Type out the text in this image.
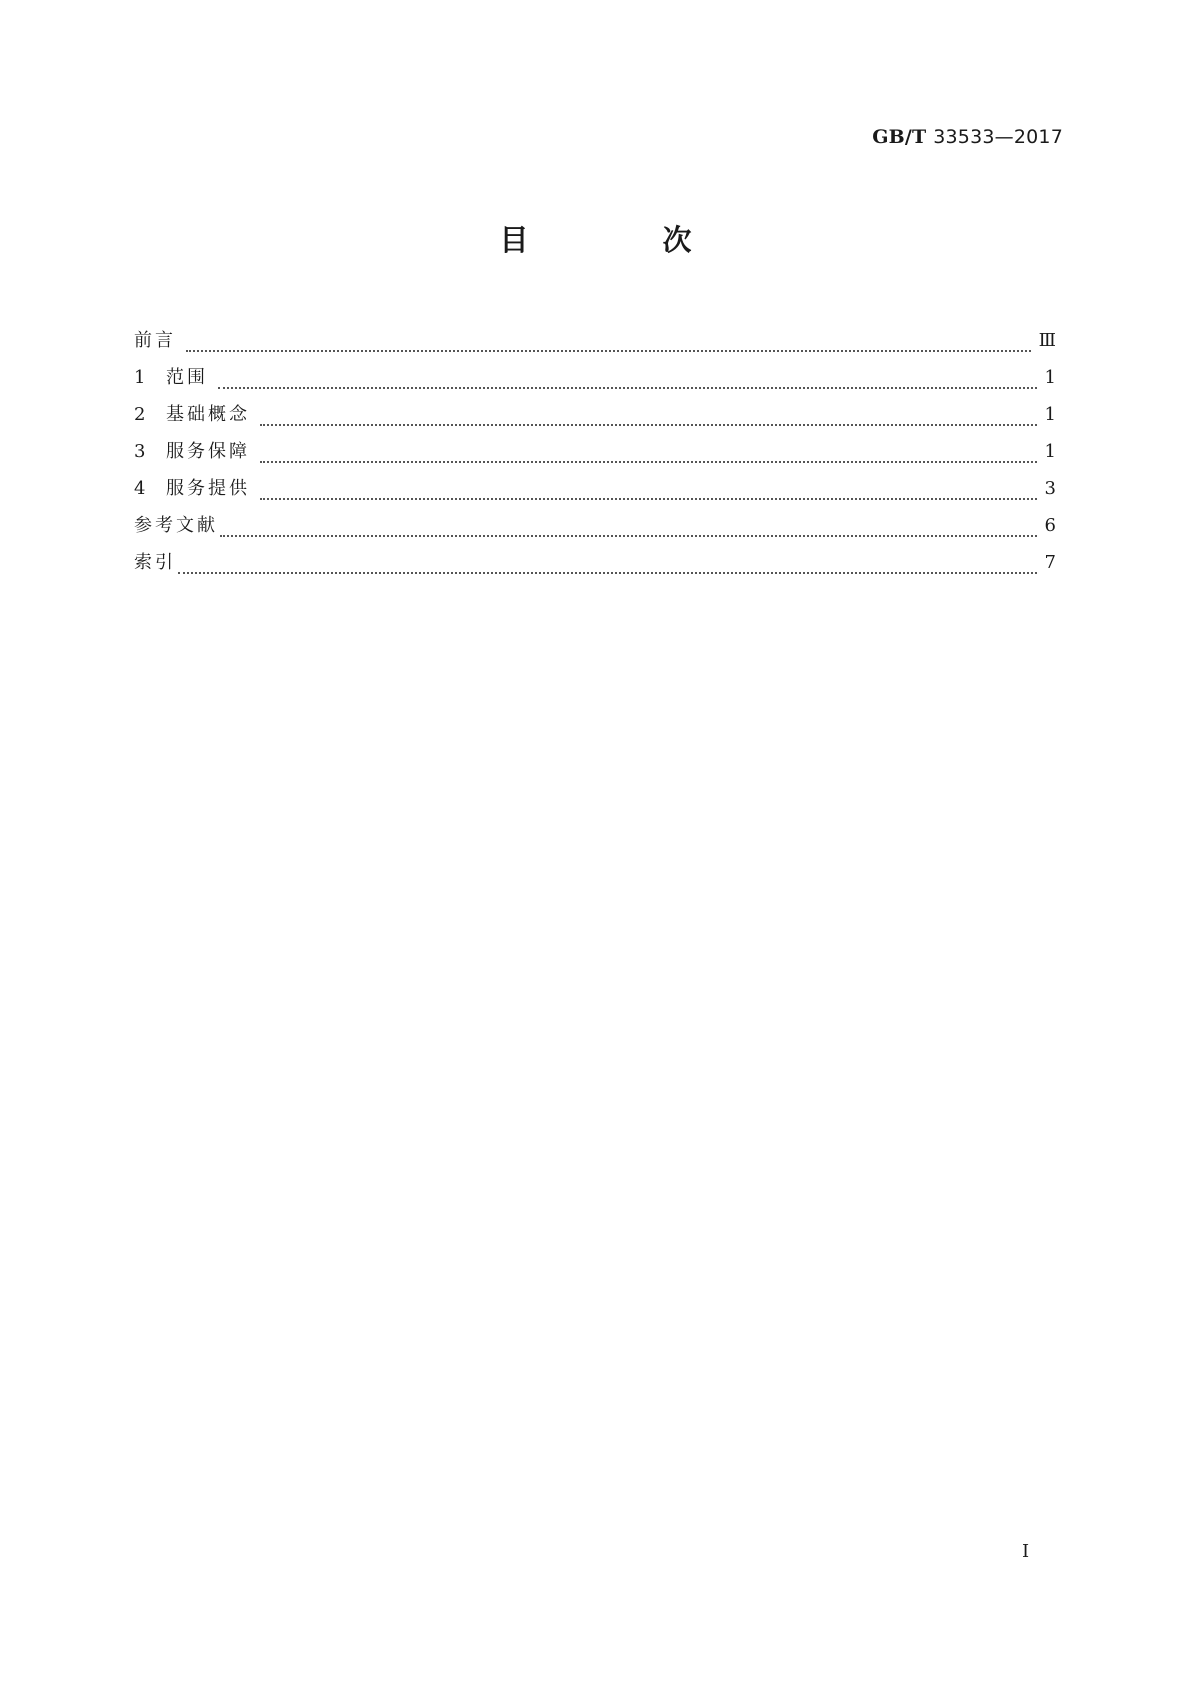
GB/T 33533—2017
目 次
前言	Ⅲ
1	范围	1
2	基础概念	1
3	服务保障	1
4	服务提供	3
参考文献	6
索引	7
Ⅰ
